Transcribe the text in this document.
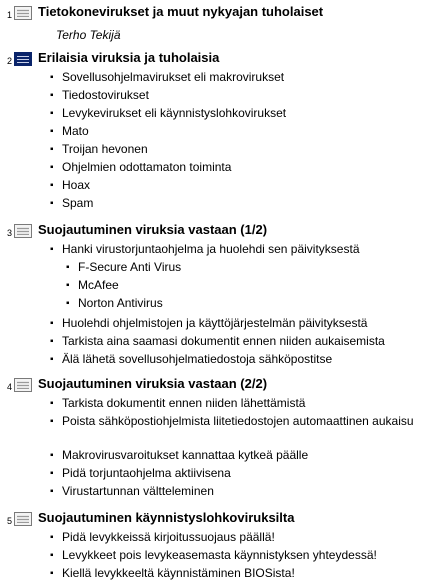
1 Tietokonevirukset ja muut nykyajan tuholaiset
Terho Tekijä
2 Erilaisia viruksia ja tuholaisia
▪ Sovellusohjelmavirukset eli makrovirukset
▪ Tiedostovirukset
▪ Levykevirukset eli käynnistyslohkovirukset
▪ Mato
▪ Troijan hevonen
▪ Ohjelmien odottamaton toiminta
▪ Hoax
▪ Spam
3 Suojautuminen viruksia vastaan (1/2)
▪ Hanki virustorjuntaohjelma ja huolehdi sen päivityksestä
▪ F-Secure Anti Virus
▪ McAfee
▪ Norton Antivirus
▪ Huolehdi ohjelmistojen ja käyttöjärjestelmän päivityksestä
▪ Tarkista aina saamasi dokumentit ennen niiden aukaisemista
▪ Älä lähetä sovellusohjelmatiedostoja sähköpostitse
4 Suojautuminen viruksia vastaan (2/2)
▪ Tarkista dokumentit ennen niiden lähettämistä
▪ Poista sähköpostiohjelmista liitetiedostojen automaattinen aukaisu
▪ Makrovirusvaroitukset kannattaa kytkeä päälle
▪ Pidä torjuntaohjelma aktiivisena
▪ Virustartunnan vältteleminen
5 Suojautuminen käynnistyslohkoviruksilta
▪ Pidä levykkeissä kirjoitussuojaus päällä!
▪ Levykkeet pois levykeasemasta käynnistyksen yhteydessä!
▪ Kiellä levykkeeltä käynnistäminen BIOSista!
